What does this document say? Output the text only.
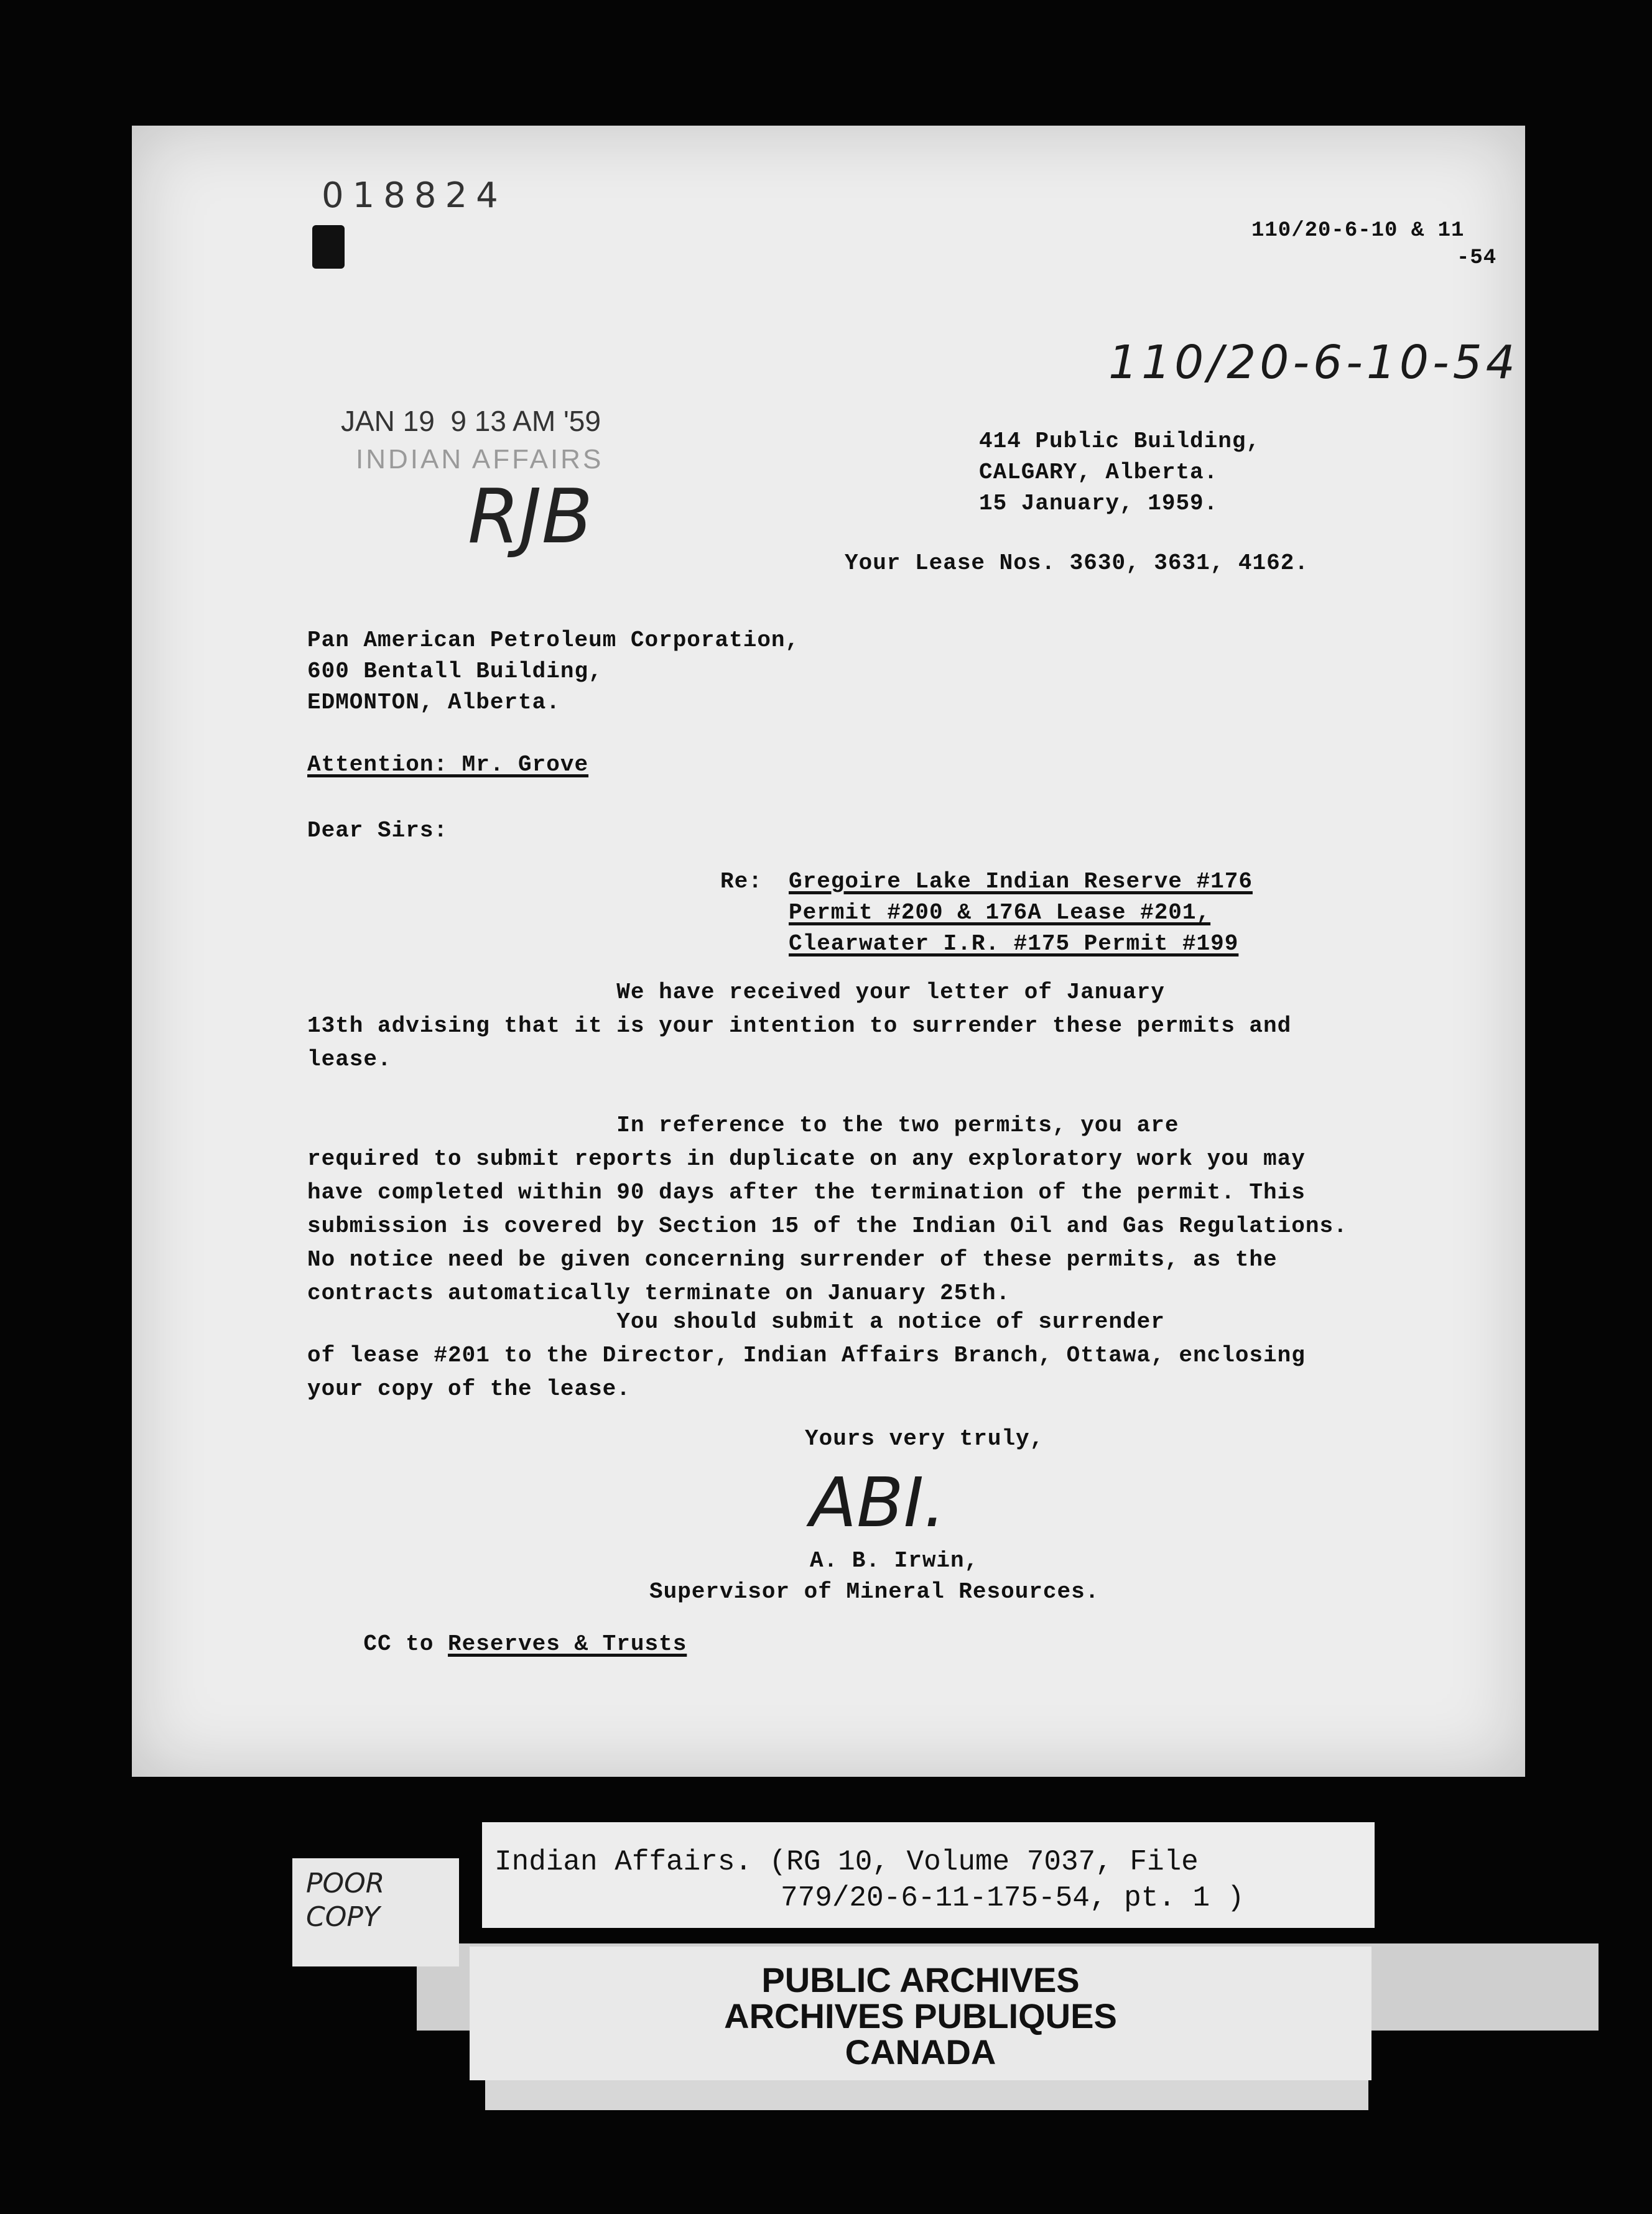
018824
110/20-6-10 & 11
-54
110/20-6-10-54
JAN 19  9 13 AM '59
INDIAN AFFAIRS
RJB
414 Public Building,
CALGARY, Alberta.
15 January, 1959.
Your Lease Nos. 3630, 3631, 4162.
Pan American Petroleum Corporation,
600 Bentall Building,
EDMONTON, Alberta.
Attention: Mr. Grove
Dear Sirs:
Re: Gregoire Lake Indian Reserve #176
Permit #200 & 176A Lease #201,
Clearwater I.R. #175 Permit #199
We have received your letter of January
13th advising that it is your intention to surrender these permits and
lease.
In reference to the two permits, you are
required to submit reports in duplicate on any exploratory work you may
have completed within 90 days after the termination of the permit. This
submission is covered by Section 15 of the Indian Oil and Gas Regulations.
No notice need be given concerning surrender of these permits, as the
contracts automatically terminate on January 25th.
You should submit a notice of surrender
of lease #201 to the Director, Indian Affairs Branch, Ottawa, enclosing
your copy of the lease.
Yours very truly,
ABI.
A. B. Irwin,
Supervisor of Mineral Resources.

CC to Reserves & Trusts

POOR
COPY
Indian Affairs. (RG 10, Volume 7037, File
779/20-6-11-175-54, pt. 1 )
PUBLIC ARCHIVES
ARCHIVES PUBLIQUES
CANADA
